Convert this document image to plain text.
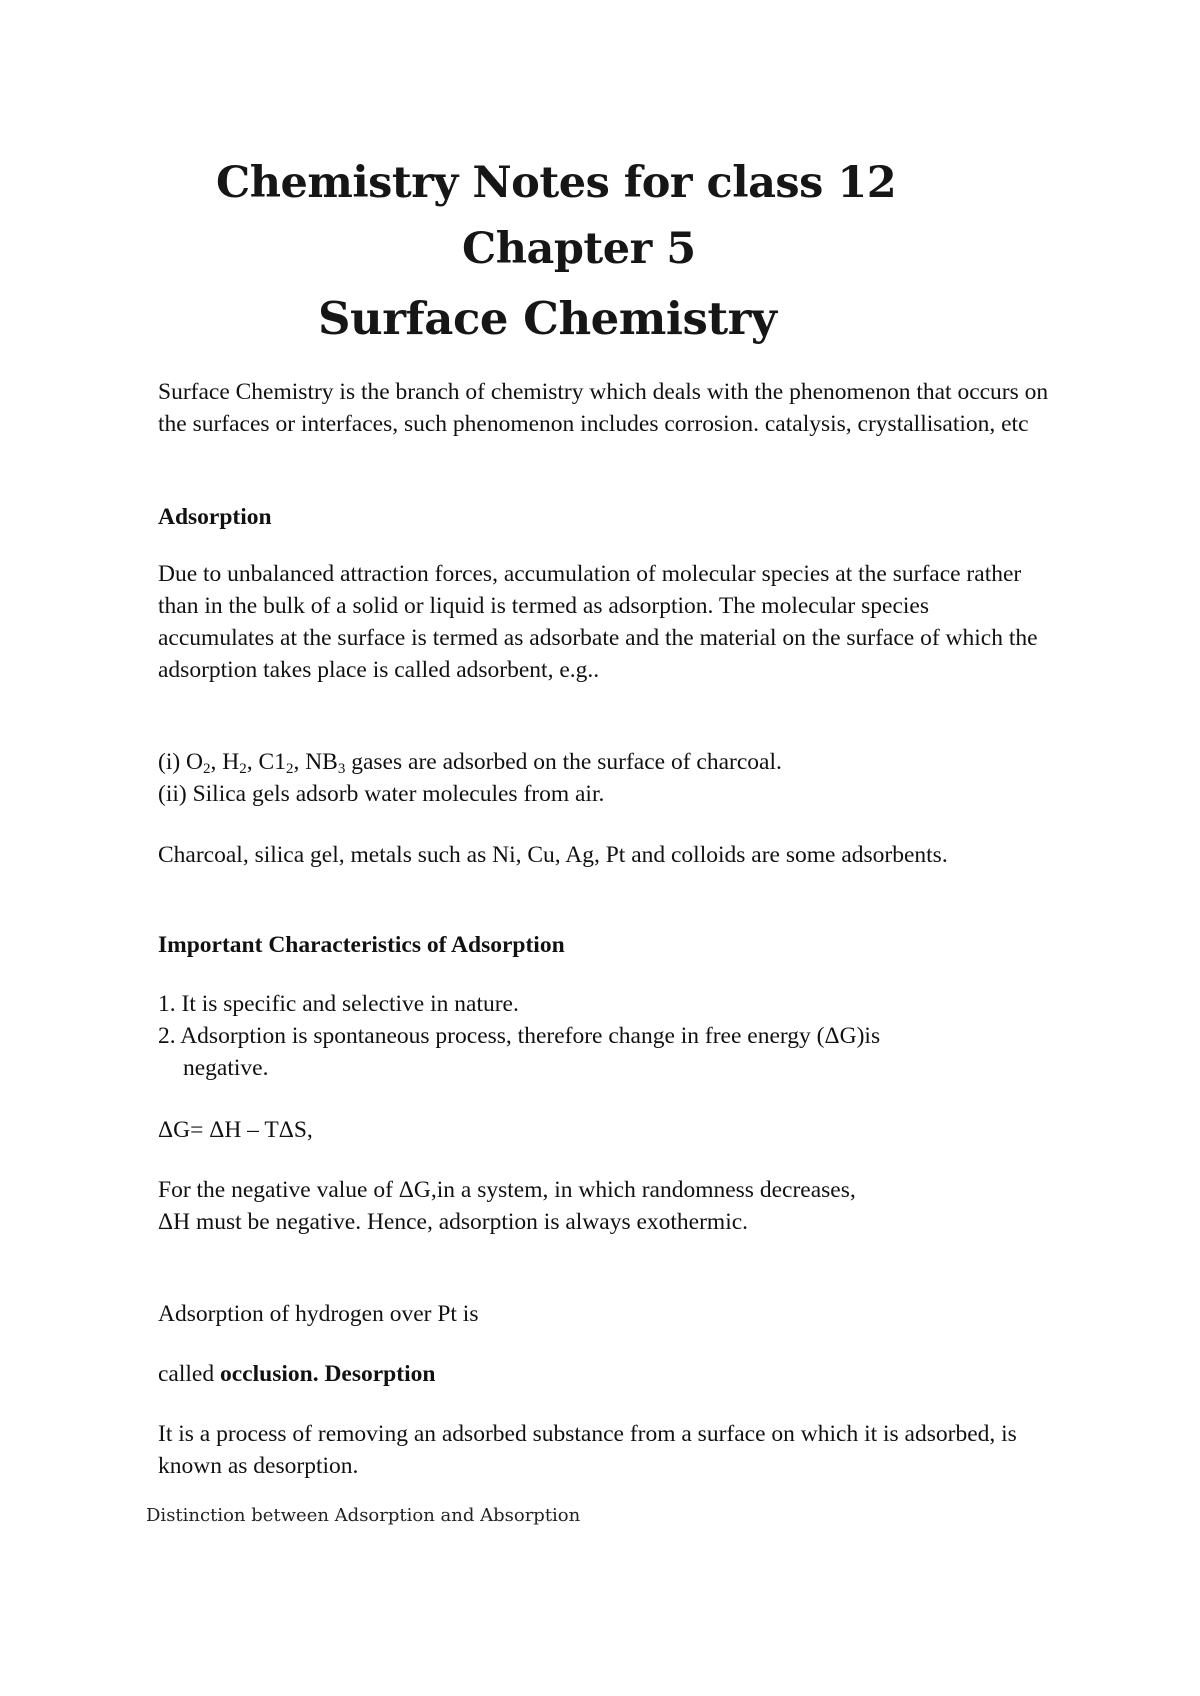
Chemistry Notes for class 12
Chapter 5
Surface Chemistry

Surface Chemistry is the branch of chemistry which deals with the phenomenon that occurs on the surfaces or interfaces, such phenomenon includes corrosion. catalysis, crystallisation, etc

Adsorption

Due to unbalanced attraction forces, accumulation of molecular species at the surface rather than in the bulk of a solid or liquid is termed as adsorption. The molecular species accumulates at the surface is termed as adsorbate and the material on the surface of which the adsorption takes place is called adsorbent, e.g..

(i) $O_2$, $H_2$, $C1_2$, $NB_3$ gases are adsorbed on the surface of charcoal.

(ii) Silica gels adsorb water molecules from air.

Charcoal, silica gel, metals such as Ni, Cu, Ag, Pt and colloids are some adsorbents.

Important Characteristics of Adsorption

1. It is specific and selective in nature.

2. Adsorption is spontaneous process, therefore change in free energy (ΔG)is

negative.

ΔG= ΔH – TΔS,

For the negative value of ΔG,in a system, in which randomness decreases, ΔH must be negative. Hence, adsorption is always exothermic.

Adsorption of hydrogen over Pt is

called occlusion. Desorption

It is a process of removing an adsorbed substance from a surface on which it is adsorbed, is known as desorption.

Distinction between Adsorption and Absorption
